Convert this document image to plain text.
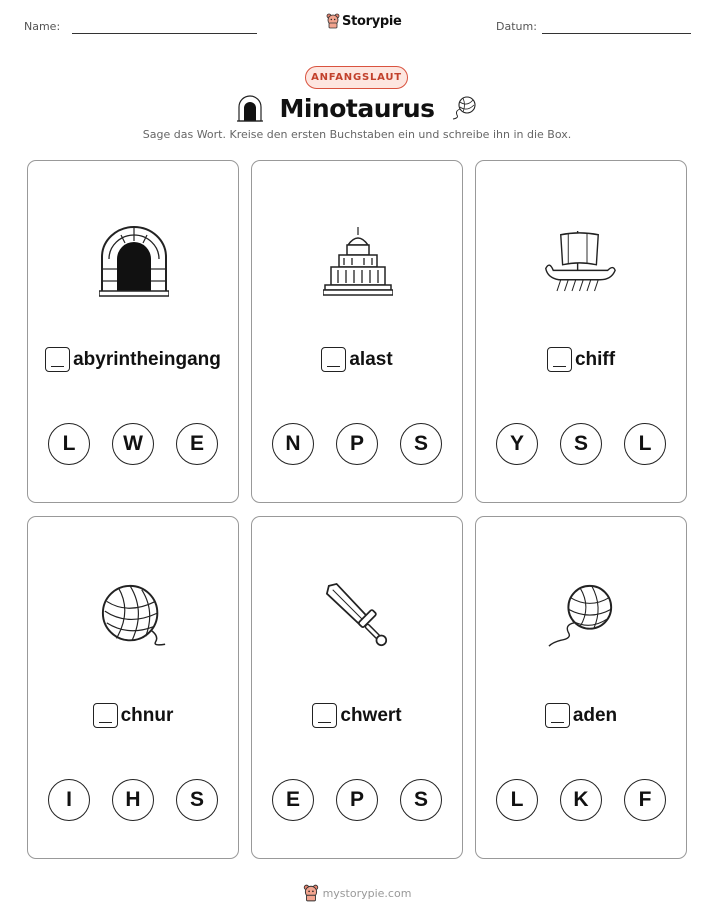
Name:	Datum:
Storypie
ANFANGSLAUT
Minotaurus
Sage das Wort. Kreise den ersten Buchstaben ein und schreibe ihn in die Box.
abyrintheingang
L	W	E
alast
N	P	S
chiff
Y	S	L
chnur
I	H	S
chwert
E	P	S
aden
L	K	F
mystorypie.com
